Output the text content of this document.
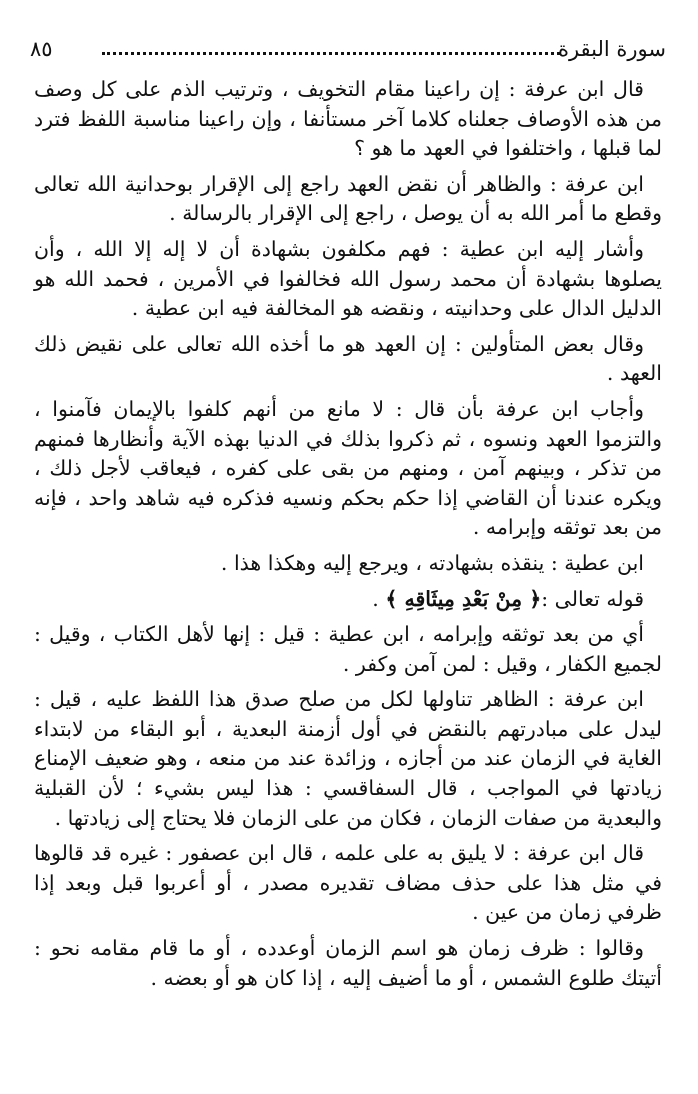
سورة البقرة
٨٥

قال ابن عرفة : إن راعينا مقام التخويف ، وترتيب الذم على كل وصف من هذه الأوصاف جعلناه كلاما آخر مستأنفا ، وإن راعينا مناسبة اللفظ فترد لما قبلها ، واختلفوا في العهد ما هو ؟

ابن عرفة : والظاهر أن نقض العهد راجع إلى الإقرار بوحدانية الله تعالى وقطع ما أمر الله به أن يوصل ، راجع إلى الإقرار بالرسالة .

وأشار إليه ابن عطية : فهم مكلفون بشهادة أن لا إله إلا الله ، وأن يصلوها بشهادة أن محمد رسول الله فخالفوا في الأمرين ، فحمد الله هو الدليل الدال على وحدانيته ، ونقضه هو المخالفة فيه ابن عطية .

وقال بعض المتأولين : إن العهد هو ما أخذه الله تعالى على نقيض ذلك العهد .

وأجاب ابن عرفة بأن قال : لا مانع من أنهم كلفوا بالإيمان فآمنوا ، والتزموا العهد ونسوه ، ثم ذكروا بذلك في الدنيا بهذه الآية وأنظارها فمنهم من تذكر ، وبينهم آمن ، ومنهم من بقى على كفره ، فيعاقب لأجل ذلك ، ويكره عندنا أن القاضي إذا حكم بحكم ونسيه فذكره فيه شاهد واحد ، فإنه من بعد توثقه وإبرامه .

ابن عطية : ينقذه بشهادته ، ويرجع إليه وهكذا هذا .

قوله تعالى :﴿ مِنْ بَعْدِ مِيثَاقِهِ ﴾ .

أي من بعد توثقه وإبرامه ، ابن عطية : قيل : إنها لأهل الكتاب ، وقيل : لجميع الكفار ، وقيل : لمن آمن وكفر .

ابن عرفة : الظاهر تناولها لكل من صلح صدق هذا اللفظ عليه ، قيل : ليدل على مبادرتهم بالنقض في أول أزمنة البعدية ، أبو البقاء من لابتداء الغاية في الزمان عند من أجازه ، وزائدة عند من منعه ، وهو ضعيف الإمناع زيادتها في المواجب ، قال السفاقسي : هذا ليس بشيء ؛ لأن القبلية والبعدية من صفات الزمان ، فكان من على الزمان فلا يحتاج إلى زيادتها .

قال ابن عرفة : لا يليق به على علمه ، قال ابن عصفور : غيره قد قالوها في مثل هذا على حذف مضاف تقديره مصدر ، أو أعربوا قبل وبعد إذا ظرفي زمان من عين .

وقالوا : ظرف زمان هو اسم الزمان أوعدده ، أو ما قام مقامه نحو : أتيتك طلوع الشمس ، أو ما أضيف إليه ، إذا كان هو أو بعضه .
